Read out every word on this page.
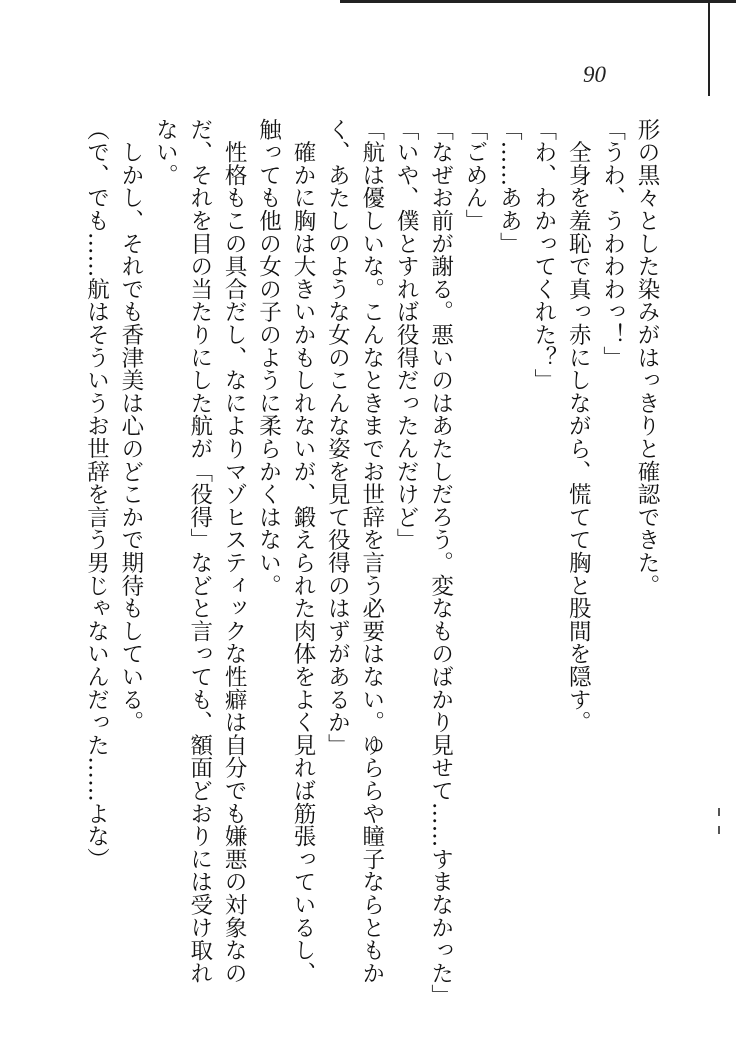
90

形の黒々とした染みがはっきりと確認できた。

「うわ、うわわわっ！」

　全身を羞恥で真っ赤にしながら、慌てて胸と股間を隠す。

「わ、わかってくれた？」

「……ああ」

「ごめん」

「なぜお前が謝る。悪いのはあたしだろう。変なものばかり見せて……すまなかった」

「いや、僕とすれば役得だったんだけど」

「航は優しいな。こんなときまでお世辞を言う必要はない。ゆららや瞳子ならともか

く、あたしのような女のこんな姿を見て役得のはずがあるか」

　確かに胸は大きいかもしれないが、鍛えられた肉体をよく見れば筋張っているし、

触っても他の女の子のように柔らかくはない。

　性格もこの具合だし、なによりマゾヒスティックな性癖は自分でも嫌悪の対象なの

だ、それを目の当たりにした航が「役得」などと言っても、額面どおりには受け取れ

ない。

　しかし、それでも香津美は心のどこかで期待もしている。

（で、でも……航はそういうお世辞を言う男じゃないんだった……よな）
